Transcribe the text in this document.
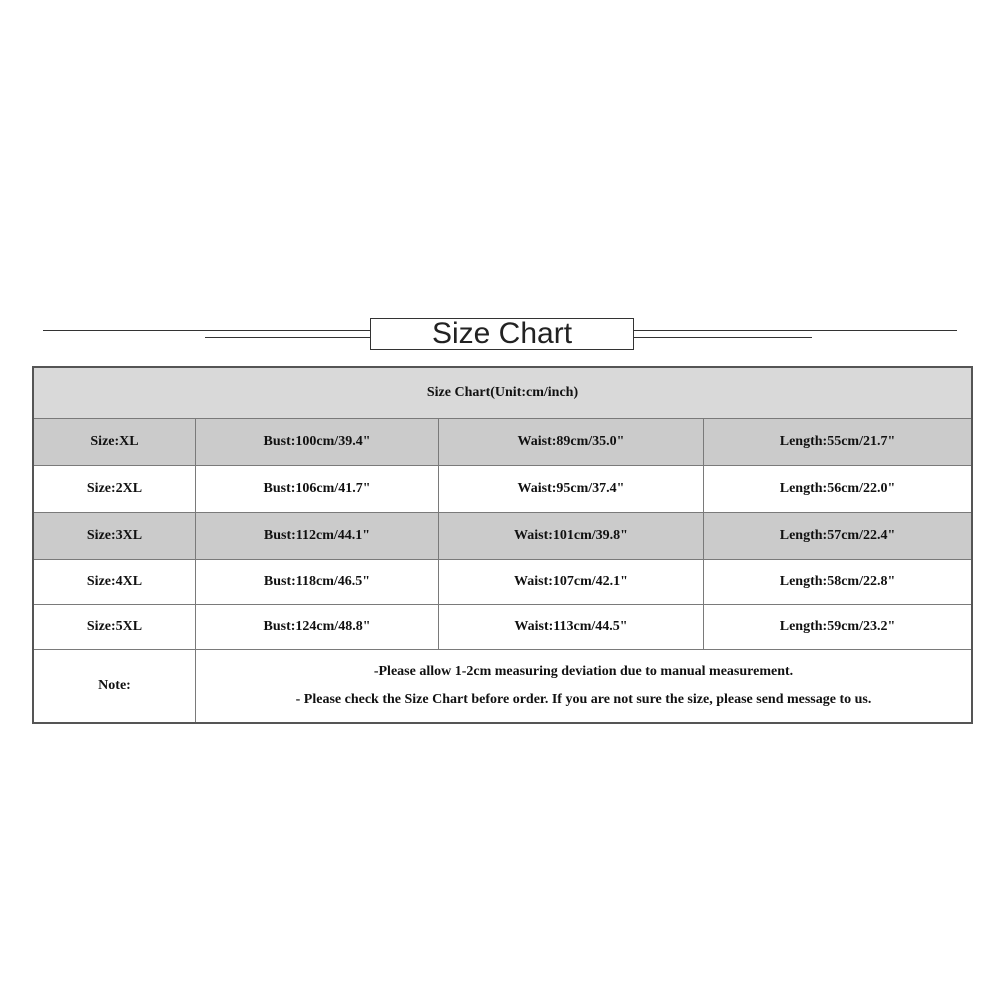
Size Chart
Size Chart(Unit:cm/inch)			
Size:XL	Bust:100cm/39.4"	Waist:89cm/35.0"	Length:55cm/21.7"
Size:2XL	Bust:106cm/41.7"	Waist:95cm/37.4"	Length:56cm/22.0"
Size:3XL	Bust:112cm/44.1"	Waist:101cm/39.8"	Length:57cm/22.4"
Size:4XL	Bust:118cm/46.5"	Waist:107cm/42.1"	Length:58cm/22.8"
Size:5XL	Bust:124cm/48.8"	Waist:113cm/44.5"	Length:59cm/23.2"
Note:	-Please allow 1-2cm measuring deviation due to manual measurement.
- Please check the Size Chart before order. If you are not sure the size, please send message to us.		
